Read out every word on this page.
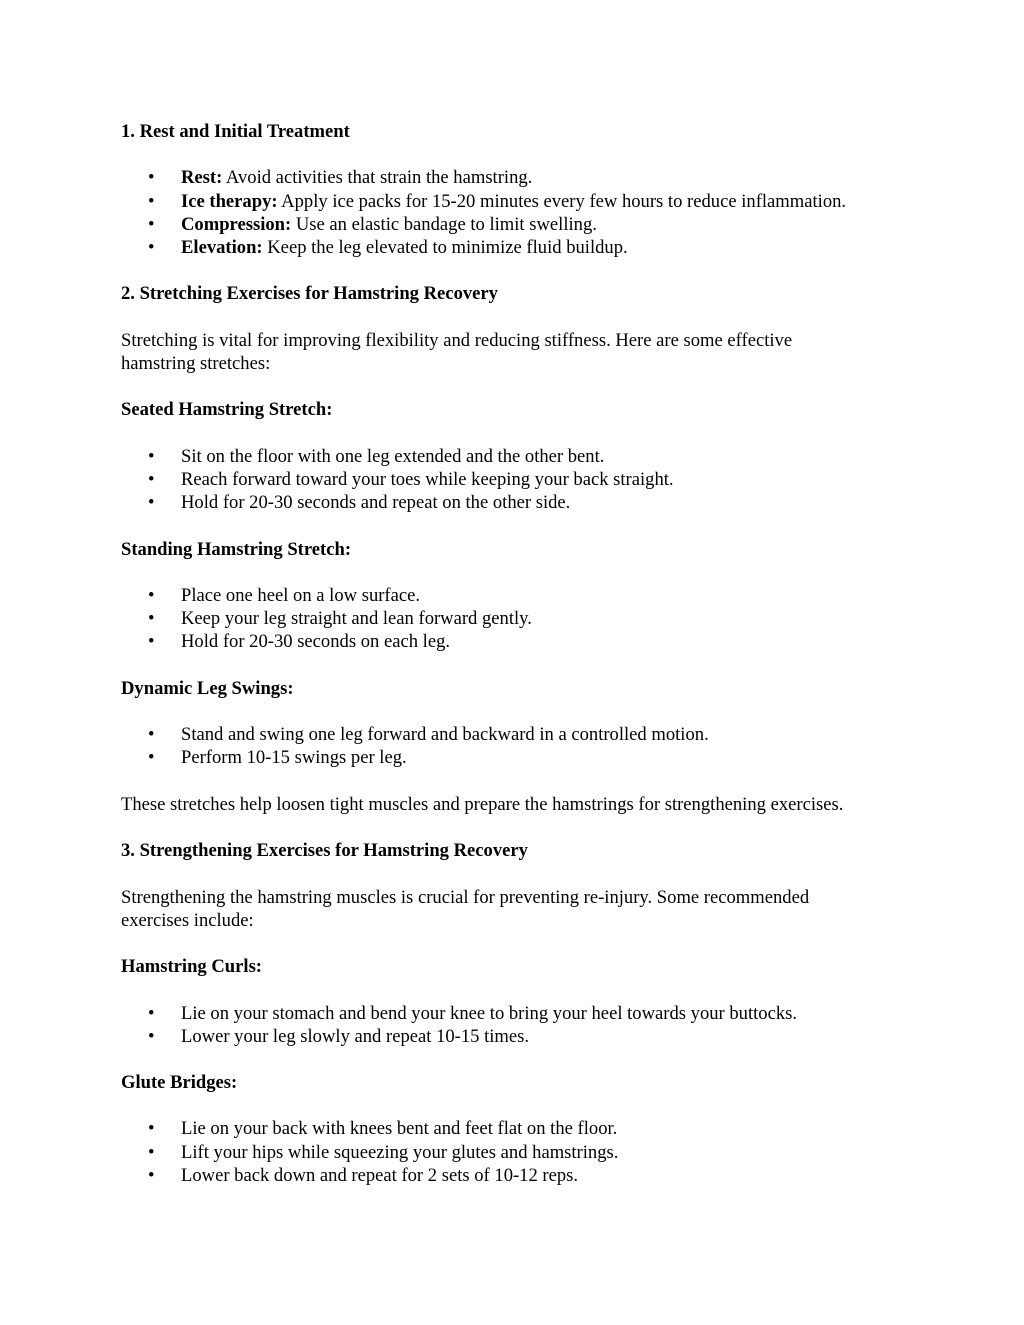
1. Rest and Initial Treatment

• Rest: Avoid activities that strain the hamstring.
• Ice therapy: Apply ice packs for 15-20 minutes every few hours to reduce inflammation.
• Compression: Use an elastic bandage to limit swelling.
• Elevation: Keep the leg elevated to minimize fluid buildup.

2. Stretching Exercises for Hamstring Recovery

Stretching is vital for improving flexibility and reducing stiffness. Here are some effective
hamstring stretches:

Seated Hamstring Stretch:

• Sit on the floor with one leg extended and the other bent.
• Reach forward toward your toes while keeping your back straight.
• Hold for 20-30 seconds and repeat on the other side.

Standing Hamstring Stretch:

• Place one heel on a low surface.
• Keep your leg straight and lean forward gently.
• Hold for 20-30 seconds on each leg.

Dynamic Leg Swings:

• Stand and swing one leg forward and backward in a controlled motion.
• Perform 10-15 swings per leg.

These stretches help loosen tight muscles and prepare the hamstrings for strengthening exercises.

3. Strengthening Exercises for Hamstring Recovery

Strengthening the hamstring muscles is crucial for preventing re-injury. Some recommended
exercises include:

Hamstring Curls:

• Lie on your stomach and bend your knee to bring your heel towards your buttocks.
• Lower your leg slowly and repeat 10-15 times.

Glute Bridges:

• Lie on your back with knees bent and feet flat on the floor.
• Lift your hips while squeezing your glutes and hamstrings.
• Lower back down and repeat for 2 sets of 10-12 reps.
